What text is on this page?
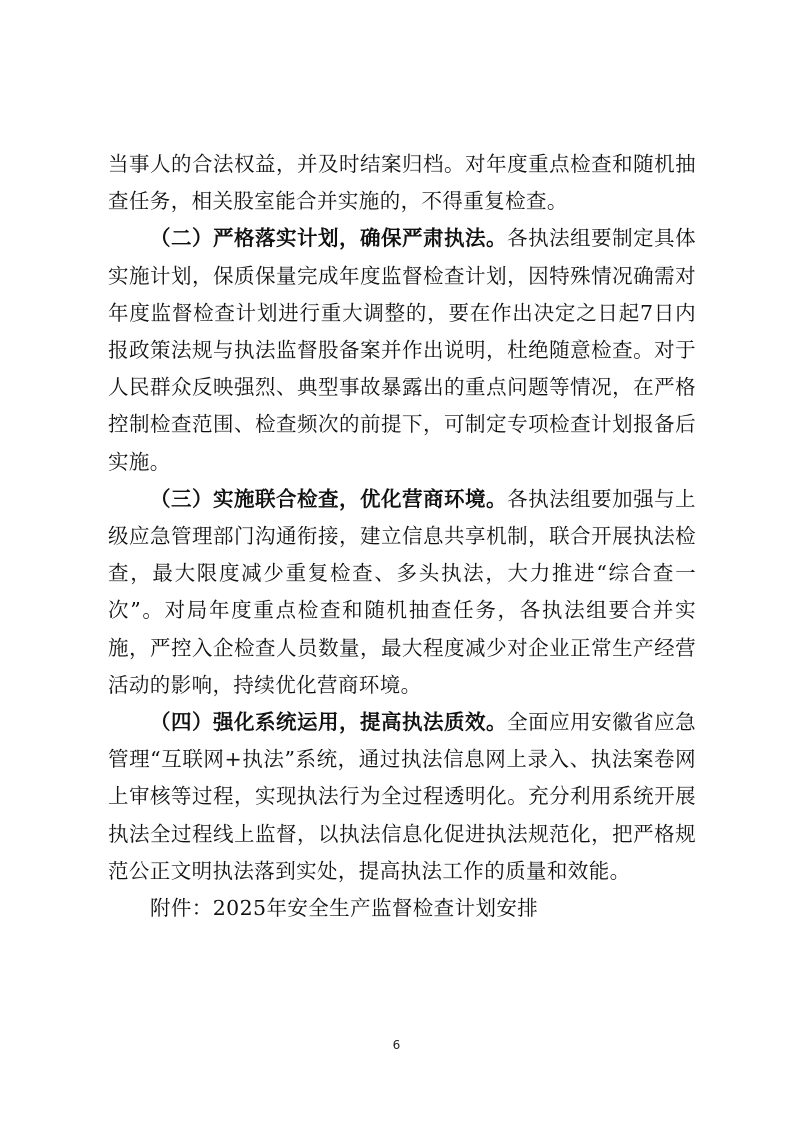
当事人的合法权益，并及时结案归档。对年度重点检查和随机抽查任务，相关股室能合并实施的，不得重复检查。

（二）严格落实计划，确保严肃执法。各执法组要制定具体实施计划，保质保量完成年度监督检查计划，因特殊情况确需对年度监督检查计划进行重大调整的，要在作出决定之日起7日内报政策法规与执法监督股备案并作出说明，杜绝随意检查。对于人民群众反映强烈、典型事故暴露出的重点问题等情况，在严格控制检查范围、检查频次的前提下，可制定专项检查计划报备后实施。

（三）实施联合检查，优化营商环境。各执法组要加强与上级应急管理部门沟通衔接，建立信息共享机制，联合开展执法检查，最大限度减少重复检查、多头执法，大力推进“综合查一次”。对局年度重点检查和随机抽查任务，各执法组要合并实施，严控入企检查人员数量，最大程度减少对企业正常生产经营活动的影响，持续优化营商环境。

（四）强化系统运用，提高执法质效。全面应用安徽省应急管理“互联网+执法”系统，通过执法信息网上录入、执法案卷网上审核等过程，实现执法行为全过程透明化。充分利用系统开展执法全过程线上监督，以执法信息化促进执法规范化，把严格规范公正文明执法落到实处，提高执法工作的质量和效能。

附件：2025年安全生产监督检查计划安排

6
